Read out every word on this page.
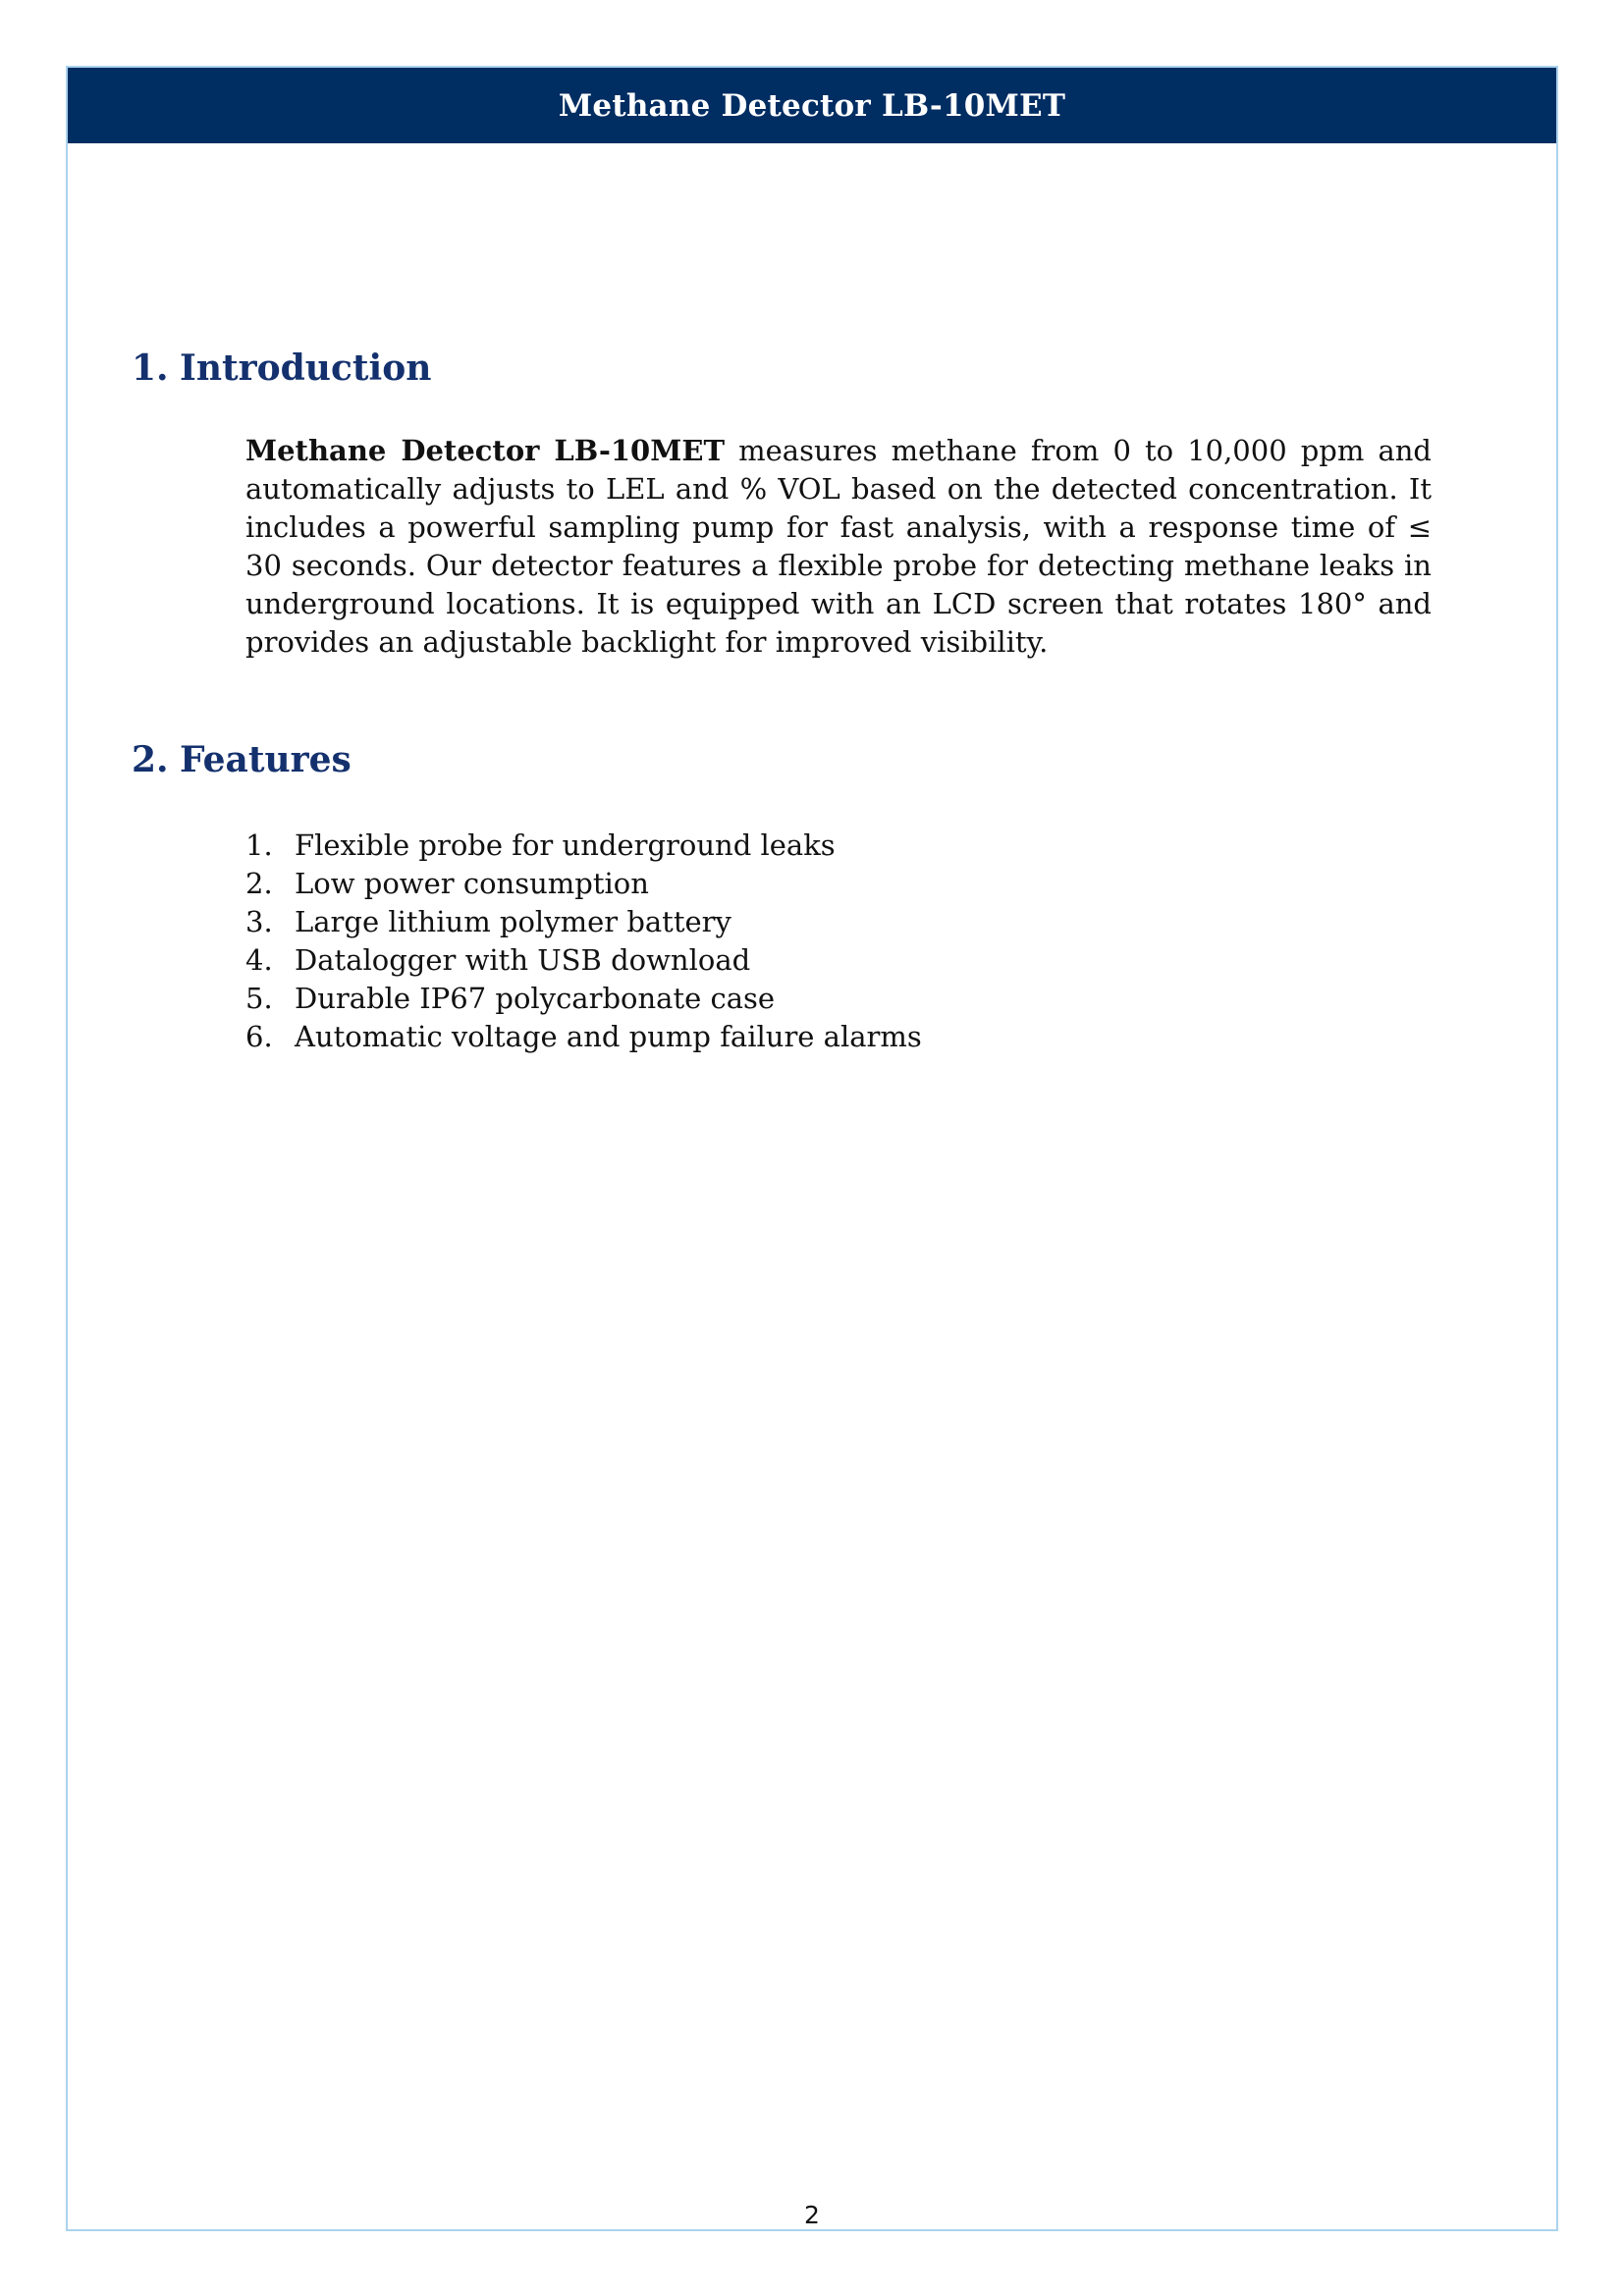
Methane Detector LB-10MET
2
1. Introduction

Methane Detector LB-10MET measures methane from 0 to 10,000 ppm and automatically adjusts to LEL and % VOL based on the detected concentration. It includes a powerful sampling pump for fast analysis, with a response time of ≤ 30 seconds. Our detector features a flexible probe for detecting methane leaks in underground locations. It is equipped with an LCD screen that rotates 180° and provides an adjustable backlight for improved visibility.

2. Features
1. Flexible probe for underground leaks
2. Low power consumption
3. Large lithium polymer battery
4. Datalogger with USB download
5. Durable IP67 polycarbonate case
6. Automatic voltage and pump failure alarms
